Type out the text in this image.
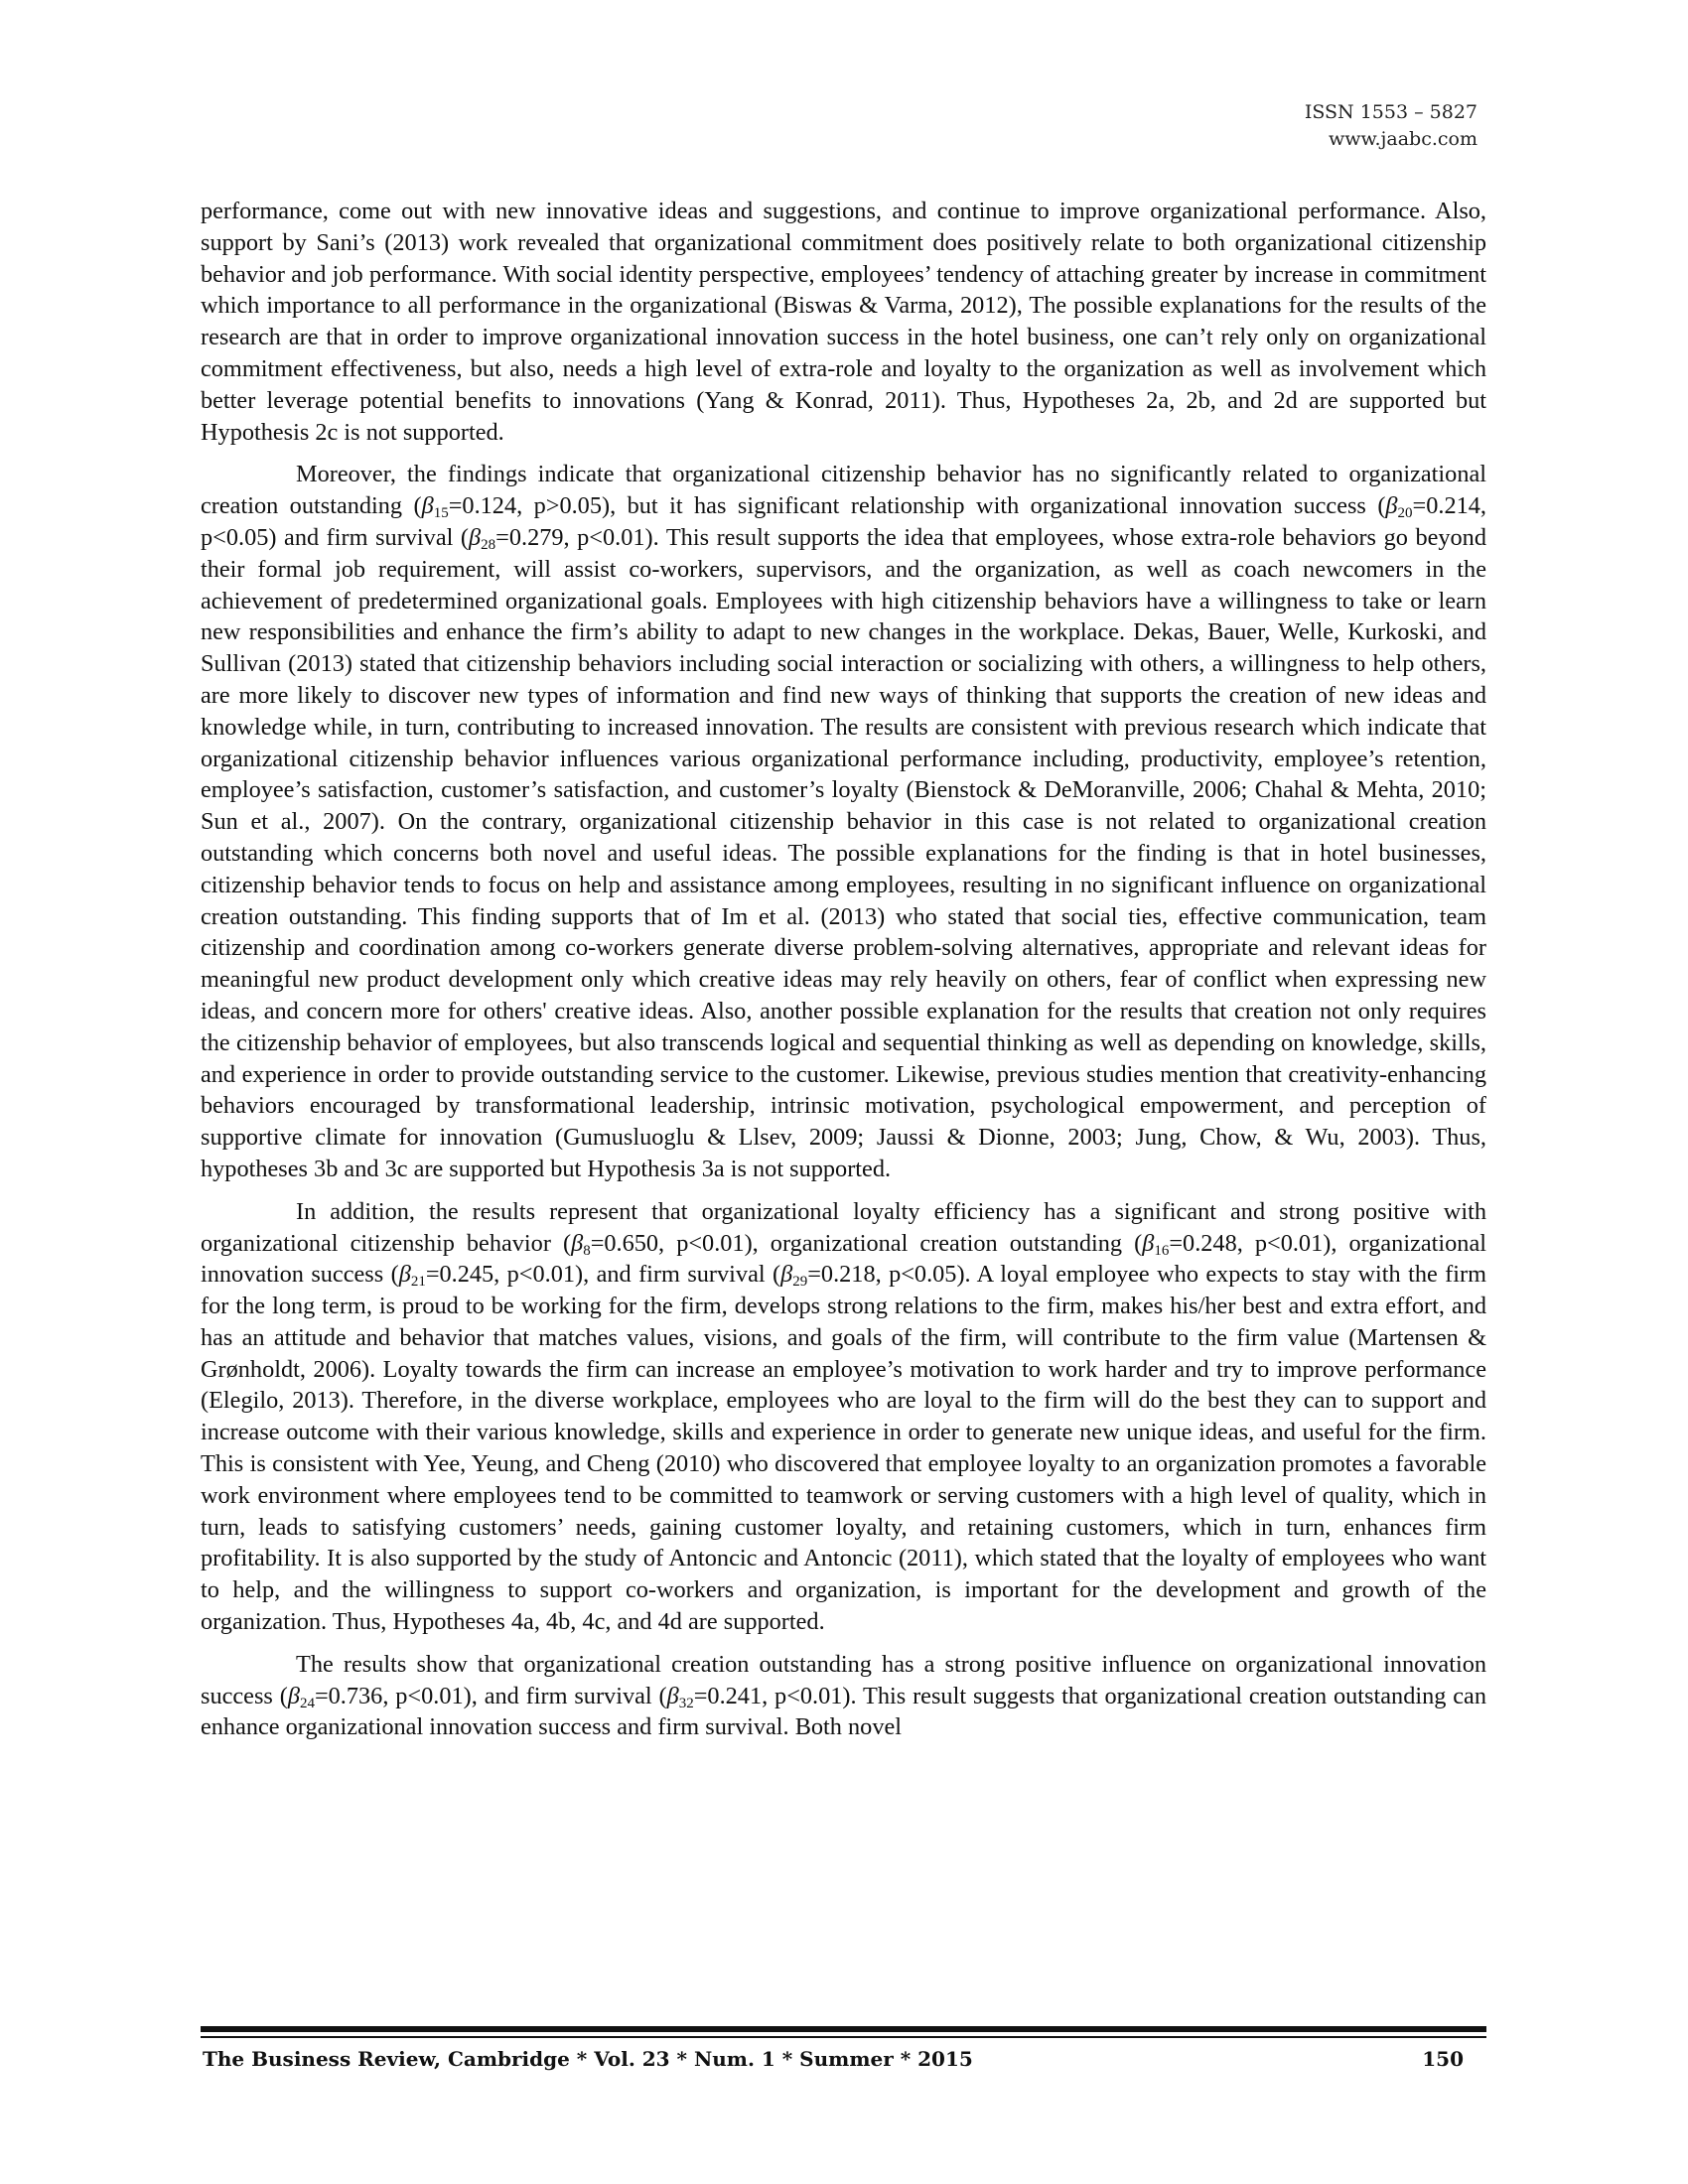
ISSN 1553 – 5827
www.jaabc.com

performance, come out with new innovative ideas and suggestions, and continue to improve organizational performance. Also, support by Sani’s (2013) work revealed that organizational commitment does positively relate to both organizational citizenship behavior and job performance. With social identity perspective, employees’ tendency of attaching greater by increase in commitment which importance to all performance in the organizational (Biswas & Varma, 2012), The possible explanations for the results of the research are that in order to improve organizational innovation success in the hotel business, one can’t rely only on organizational commitment effectiveness, but also, needs a high level of extra-role and loyalty to the organization as well as involvement which better leverage potential benefits to innovations (Yang & Konrad, 2011). Thus, Hypotheses 2a, 2b, and 2d are supported but Hypothesis 2c is not supported.

Moreover, the findings indicate that organizational citizenship behavior has no significantly related to organizational creation outstanding ($\beta_{15}=0.124$, p>0.05), but it has significant relationship with organizational innovation success ($\beta_{20}=0.214$, p<0.05) and firm survival ($\beta_{28}=0.279$, p<0.01). This result supports the idea that employees, whose extra-role behaviors go beyond their formal job requirement, will assist co-workers, supervisors, and the organization, as well as coach newcomers in the achievement of predetermined organizational goals. Employees with high citizenship behaviors have a willingness to take or learn new responsibilities and enhance the firm’s ability to adapt to new changes in the workplace. Dekas, Bauer, Welle, Kurkoski, and Sullivan (2013) stated that citizenship behaviors including social interaction or socializing with others, a willingness to help others, are more likely to discover new types of information and find new ways of thinking that supports the creation of new ideas and knowledge while, in turn, contributing to increased innovation. The results are consistent with previous research which indicate that organizational citizenship behavior influences various organizational performance including, productivity, employee’s retention, employee’s satisfaction, customer’s satisfaction, and customer’s loyalty (Bienstock & DeMoranville, 2006; Chahal & Mehta, 2010; Sun et al., 2007). On the contrary, organizational citizenship behavior in this case is not related to organizational creation outstanding which concerns both novel and useful ideas. The possible explanations for the finding is that in hotel businesses, citizenship behavior tends to focus on help and assistance among employees, resulting in no significant influence on organizational creation outstanding. This finding supports that of Im et al. (2013) who stated that social ties, effective communication, team citizenship and coordination among co-workers generate diverse problem-solving alternatives, appropriate and relevant ideas for meaningful new product development only which creative ideas may rely heavily on others, fear of conflict when expressing new ideas, and concern more for others' creative ideas. Also, another possible explanation for the results that creation not only requires the citizenship behavior of employees, but also transcends logical and sequential thinking as well as depending on knowledge, skills, and experience in order to provide outstanding service to the customer. Likewise, previous studies mention that creativity-enhancing behaviors encouraged by transformational leadership, intrinsic motivation, psychological empowerment, and perception of supportive climate for innovation (Gumusluoglu & Llsev, 2009; Jaussi & Dionne, 2003; Jung, Chow, & Wu, 2003). Thus, hypotheses 3b and 3c are supported but Hypothesis 3a is not supported.

In addition, the results represent that organizational loyalty efficiency has a significant and strong positive with organizational citizenship behavior ($\beta_8=0.650$, p<0.01), organizational creation outstanding ($\beta_{16}=0.248$, p<0.01), organizational innovation success ($\beta_{21}=0.245$, p<0.01), and firm survival ($\beta_{29}=0.218$, p<0.05). A loyal employee who expects to stay with the firm for the long term, is proud to be working for the firm, develops strong relations to the firm, makes his/her best and extra effort, and has an attitude and behavior that matches values, visions, and goals of the firm, will contribute to the firm value (Martensen & Grønholdt, 2006). Loyalty towards the firm can increase an employee’s motivation to work harder and try to improve performance (Elegilo, 2013). Therefore, in the diverse workplace, employees who are loyal to the firm will do the best they can to support and increase outcome with their various knowledge, skills and experience in order to generate new unique ideas, and useful for the firm. This is consistent with Yee, Yeung, and Cheng (2010) who discovered that employee loyalty to an organization promotes a favorable work environment where employees tend to be committed to teamwork or serving customers with a high level of quality, which in turn, leads to satisfying customers’ needs, gaining customer loyalty, and retaining customers, which in turn, enhances firm profitability. It is also supported by the study of Antoncic and Antoncic (2011), which stated that the loyalty of employees who want to help, and the willingness to support co-workers and organization, is important for the development and growth of the organization. Thus, Hypotheses 4a, 4b, 4c, and 4d are supported.

The results show that organizational creation outstanding has a strong positive influence on organizational innovation success ($\beta_{24}=0.736$, p<0.01), and firm survival ($\beta_{32}=0.241$, p<0.01). This result suggests that organizational creation outstanding can enhance organizational innovation success and firm survival. Both novel

The Business Review, Cambridge * Vol. 23 * Num. 1 * Summer * 2015	150
